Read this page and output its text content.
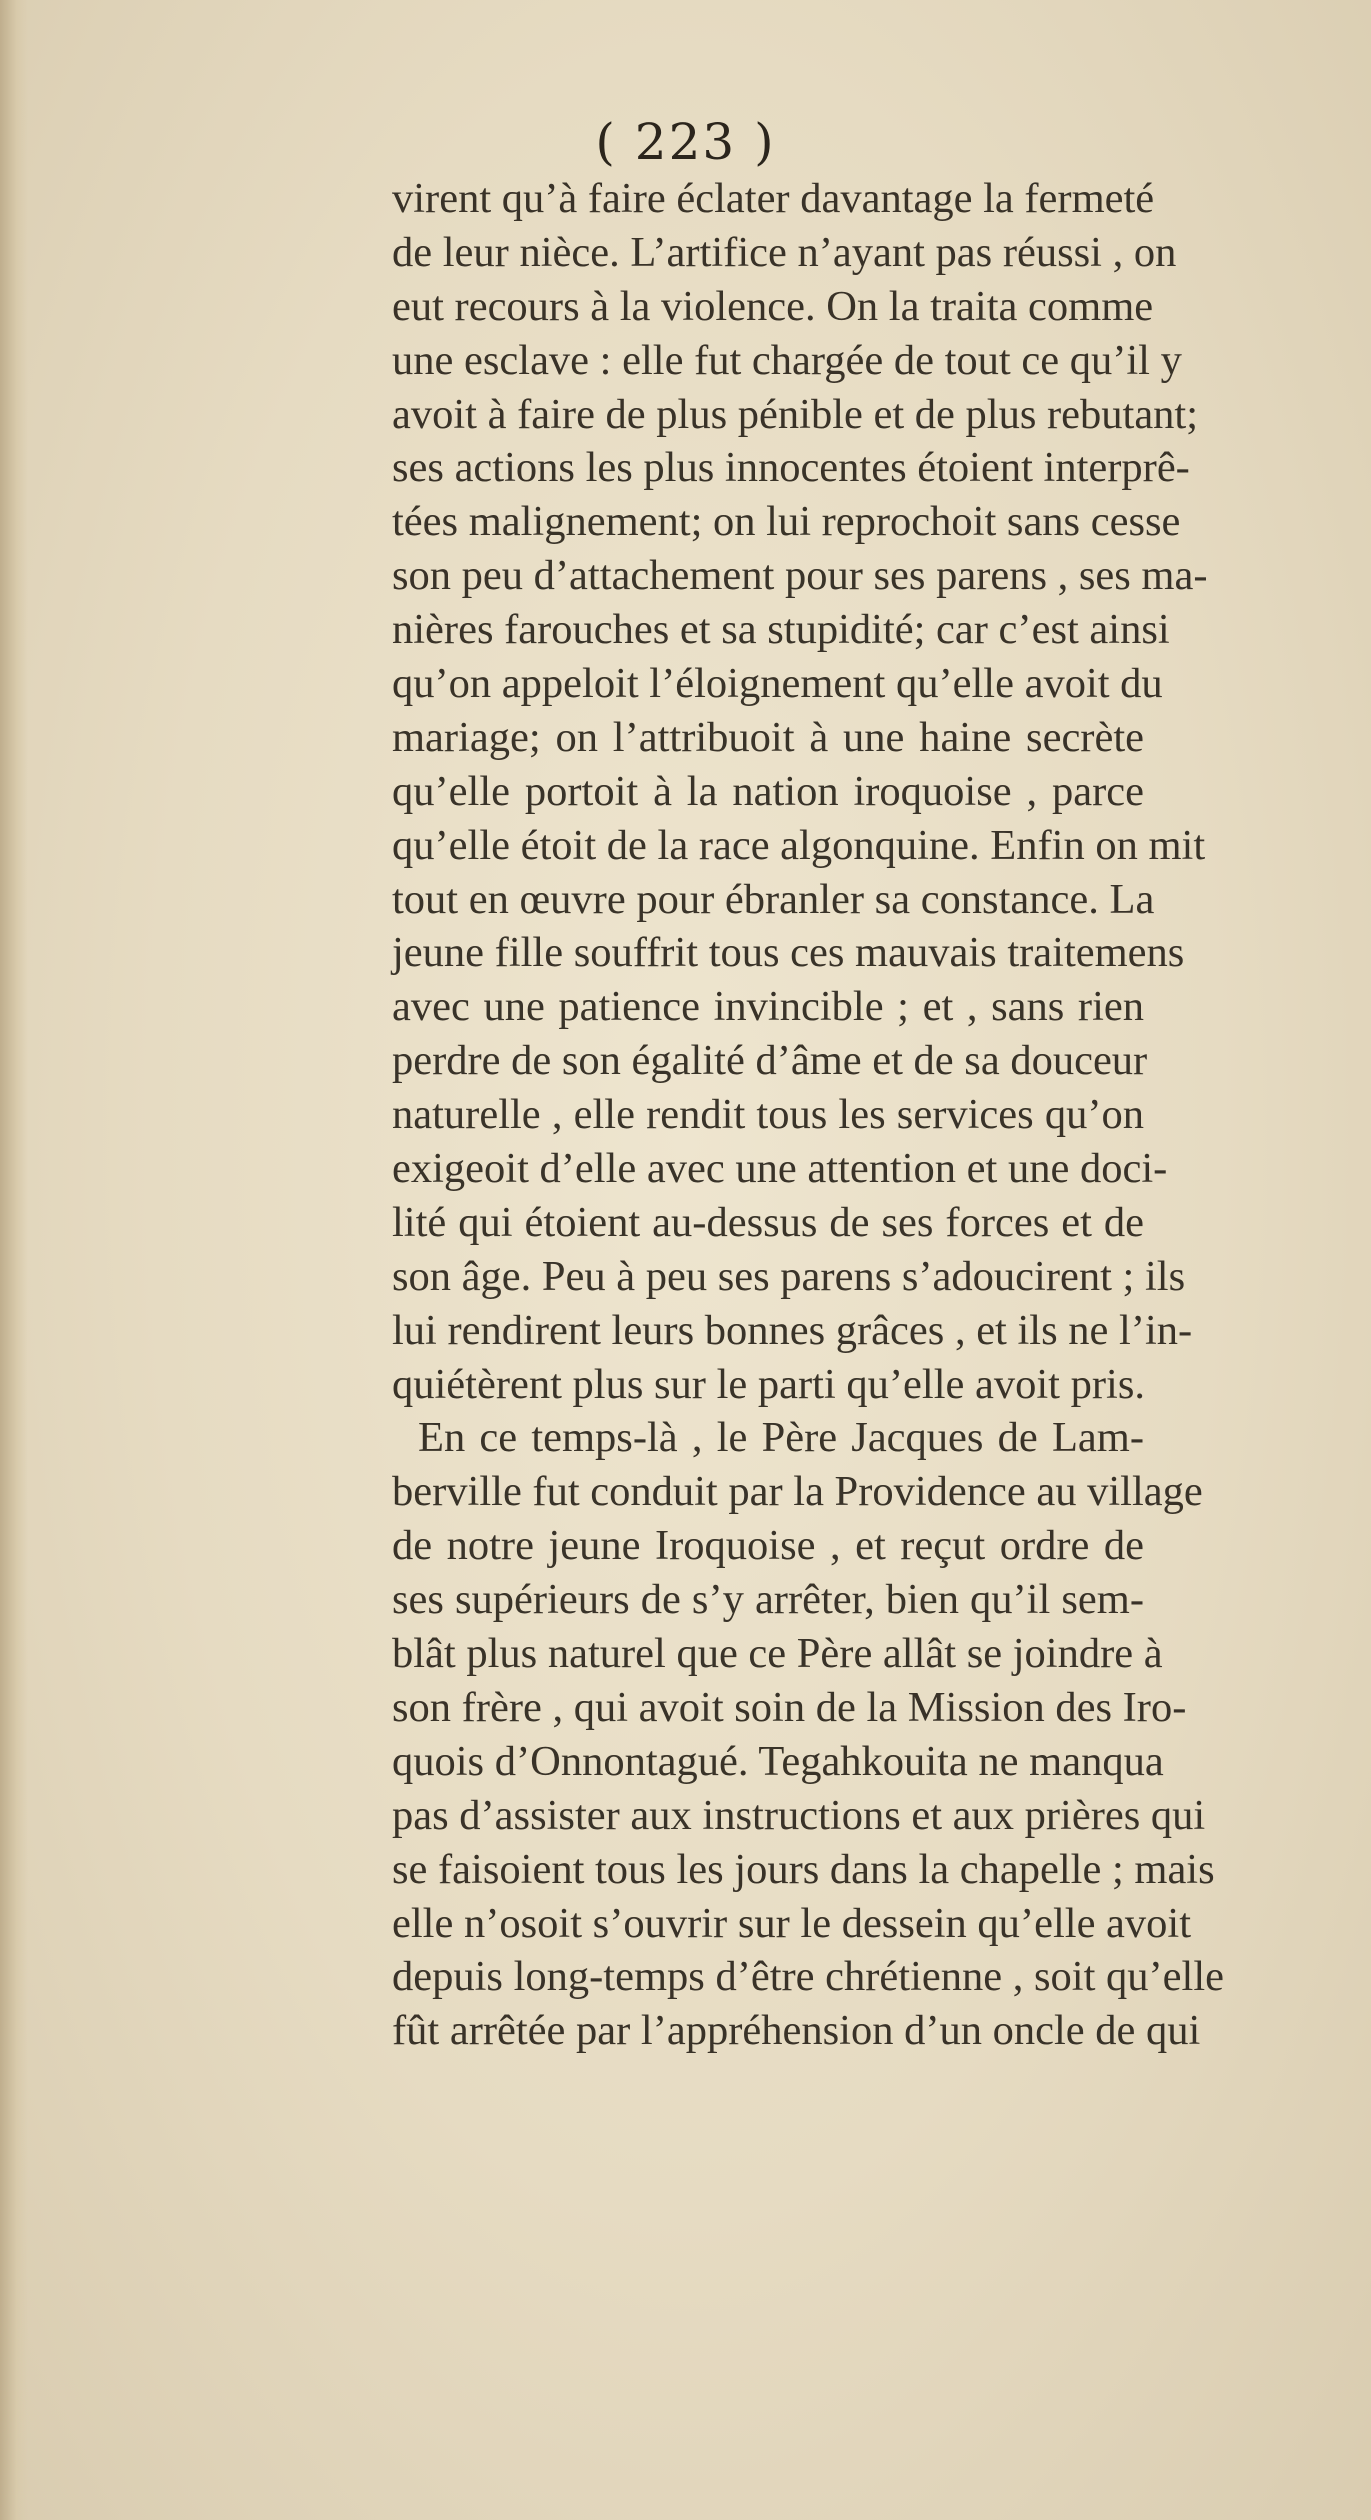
( 223 )
virent qu’à faire éclater davantage la fermeté
de leur nièce. L’artifice n’ayant pas réussi , on
eut recours à la violence. On la traita comme
une esclave : elle fut chargée de tout ce qu’il y
avoit à faire de plus pénible et de plus rebutant;
ses actions les plus innocentes étoient interprê-
tées malignement; on lui reprochoit sans cesse
son peu d’attachement pour ses parens , ses ma-
nières farouches et sa stupidité; car c’est ainsi
qu’on appeloit l’éloignement qu’elle avoit du
mariage; on l’attribuoit à une haine secrète
qu’elle portoit à la nation iroquoise , parce
qu’elle étoit de la race algonquine. Enfin on mit
tout en œuvre pour ébranler sa constance. La
jeune fille souffrit tous ces mauvais traitemens
avec une patience invincible ; et , sans rien
perdre de son égalité d’âme et de sa douceur
naturelle , elle rendit tous les services qu’on
exigeoit d’elle avec une attention et une doci-
lité qui étoient au-dessus de ses forces et de
son âge. Peu à peu ses parens s’adoucirent ; ils
lui rendirent leurs bonnes grâces , et ils ne l’in-
quiétèrent plus sur le parti qu’elle avoit pris.
En ce temps-là , le Père Jacques de Lam-
berville fut conduit par la Providence au village
de notre jeune Iroquoise , et reçut ordre de
ses supérieurs de s’y arrêter, bien qu’il sem-
blât plus naturel que ce Père allât se joindre à
son frère , qui avoit soin de la Mission des Iro-
quois d’Onnontagué. Tegahkouita ne manqua
pas d’assister aux instructions et aux prières qui
se faisoient tous les jours dans la chapelle ; mais
elle n’osoit s’ouvrir sur le dessein qu’elle avoit
depuis long-temps d’être chrétienne , soit qu’elle
fût arrêtée par l’appréhension d’un oncle de qui
